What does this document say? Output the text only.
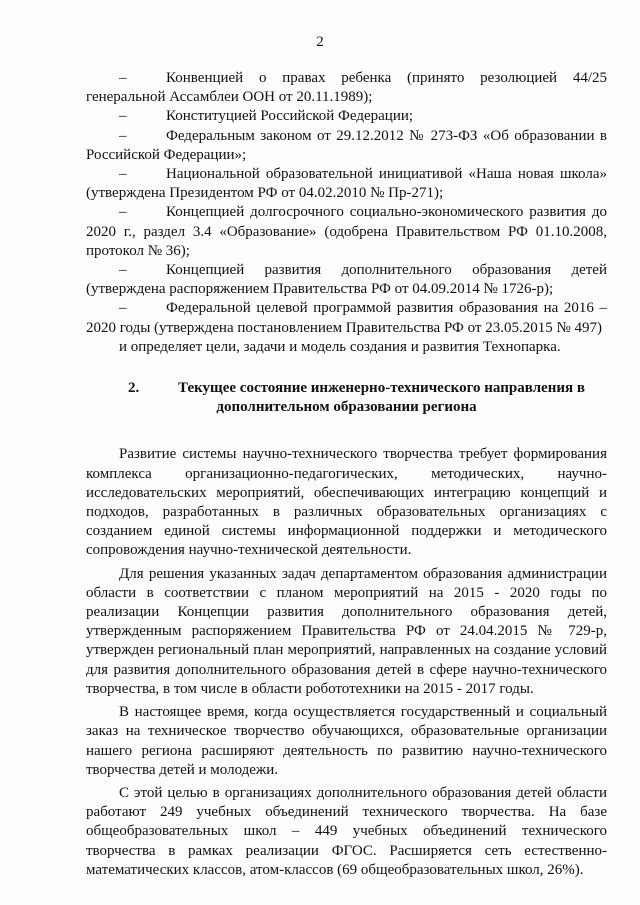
2

–	Конвенцией о правах ребенка (принято резолюцией 44/25 генеральной Ассамблеи ООН от 20.11.1989);

–	Конституцией Российской Федерации;

–	Федеральным законом от 29.12.2012 № 273-ФЗ «Об образовании в Российской Федерации»;

–	Национальной образовательной инициативой «Наша новая школа» (утверждена Президентом РФ от 04.02.2010 № Пр-271);

–	Концепцией долгосрочного социально-экономического развития до 2020 г., раздел 3.4 «Образование» (одобрена Правительством РФ 01.10.2008, протокол № 36);

–	Концепцией развития дополнительного образования детей (утверждена распоряжением Правительства РФ от 04.09.2014 № 1726-р);

–	Федеральной целевой программой развития образования на 2016 – 2020 годы (утверждена постановлением Правительства РФ от 23.05.2015 № 497)

и определяет цели, задачи и модель создания и развития Технопарка.

2.	Текущее состояние инженерно-технического направления в
дополнительном образовании региона

Развитие системы научно-технического творчества требует формирования комплекса организационно-педагогических, методических, научно-исследовательских мероприятий, обеспечивающих интеграцию концепций и подходов, разработанных в различных образовательных организациях с созданием единой системы информационной поддержки и методического сопровождения научно-технической деятельности.

Для решения указанных задач департаментом образования администрации области в соответствии с планом мероприятий на 2015 - 2020 годы по реализации Концепции развития дополнительного образования детей, утвержденным распоряжением Правительства РФ от 24.04.2015 № 729-р, утвержден региональный план мероприятий, направленных на создание условий для развития дополнительного образования детей в сфере научно-технического творчества, в том числе в области робототехники на 2015 - 2017 годы.

В настоящее время, когда осуществляется государственный и социальный заказ на техническое творчество обучающихся, образовательные организации нашего региона расширяют деятельность по развитию научно-технического творчества детей и молодежи.

С этой целью в организациях дополнительного образования детей области работают 249 учебных объединений технического творчества. На базе общеобразовательных школ – 449 учебных объединений технического творчества в рамках реализации ФГОС. Расширяется сеть естественно-математических классов, атом-классов (69 общеобразовательных школ, 26%).
